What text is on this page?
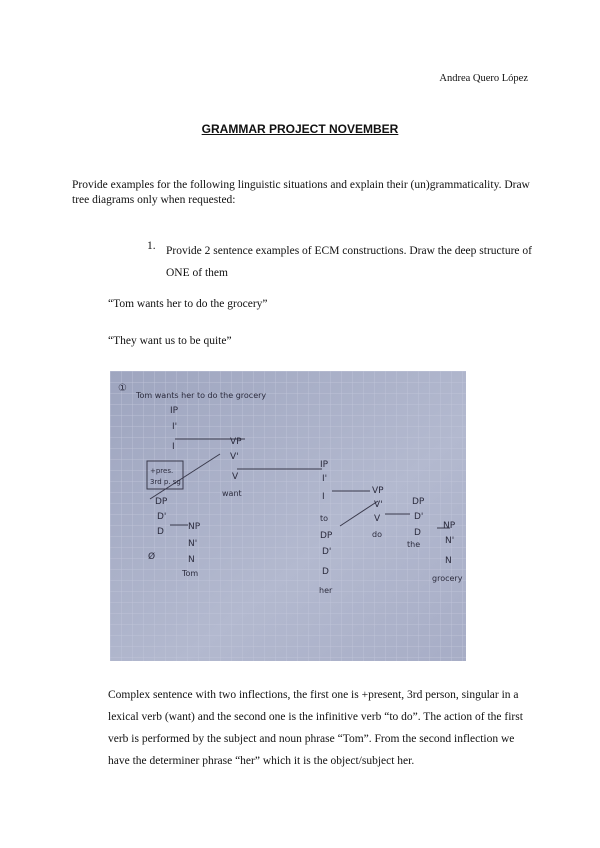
Andrea Quero López
GRAMMAR PROJECT NOVEMBER
Provide examples for the following linguistic situations and explain their (un)grammaticality. Draw tree diagrams only when requested:
1. Provide 2 sentence examples of ECM constructions. Draw the deep structure of ONE of them
“Tom wants her to do the grocery”
“They want us to be quite”
①
Tom wants her to do the grocery
IP
I'
I
+pres.
3rd p. sg
VP
V'
V
want
DP
D'
D
Ø
NP
N'
N
Tom
IP
I'
I
to
VP
V'
V
do
DP
D'
D
her
DP
D'
D
the
NP
N'
N
grocery
Complex sentence with two inflections, the first one is +present, 3rd person, singular in a lexical verb (want) and the second one is the infinitive verb “to do”. The action of the first verb is performed by the subject and noun phrase “Tom”. From the second inflection we have the determiner phrase “her” which it is the object/subject her.
